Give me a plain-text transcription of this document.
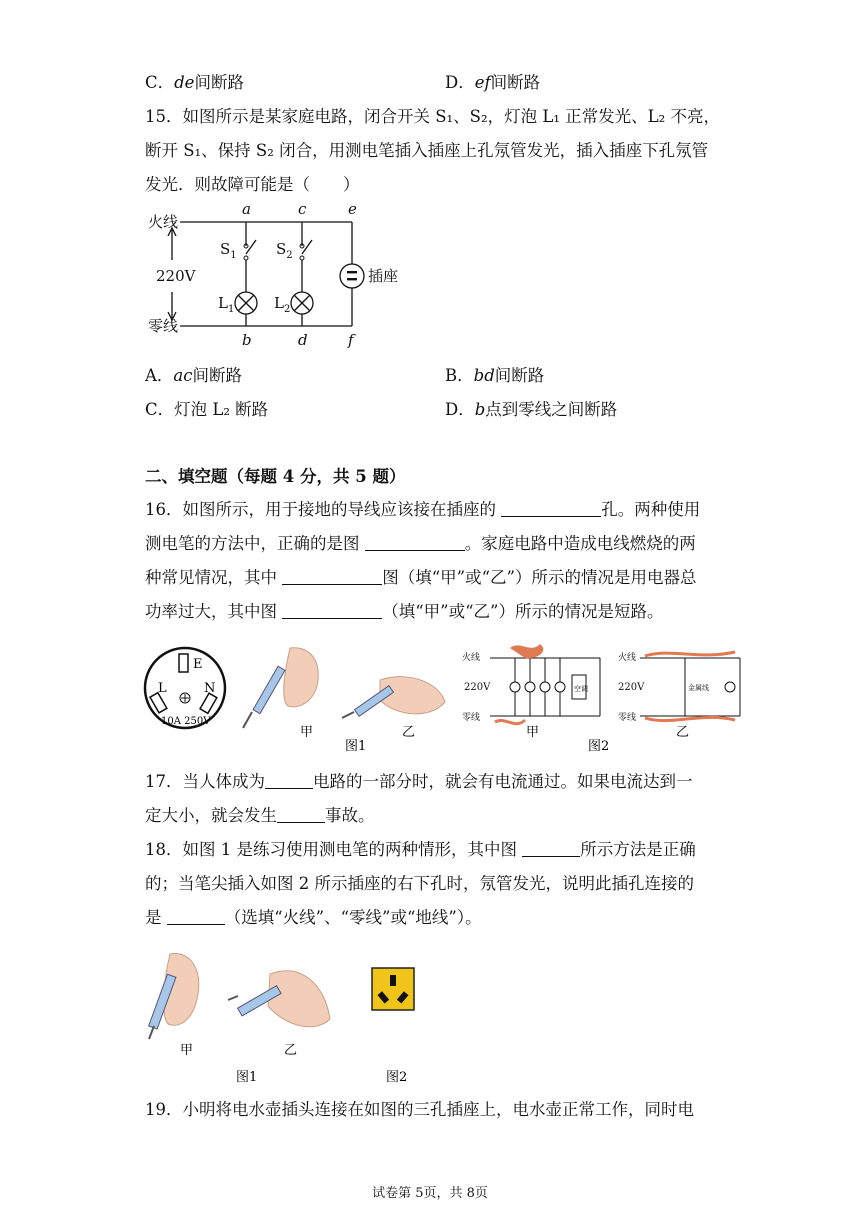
C．de间断路	D．ef间断路
15．如图所示是某家庭电路，闭合开关 S₁、S₂，灯泡 L₁ 正常发光、L₂ 不亮，
断开 S₁、保持 S₂ 闭合，用测电笔插入插座上孔氖管发光，插入插座下孔氖管
发光．则故障可能是（　　）
火线
零线
220V	插座
a	c	e
b	d	f
$S_1$	$S_2$
$L_1$	$L_2$
A．ac间断路	B．bd间断路
C．灯泡 L₂ 断路	D．b点到零线之间断路
二、填空题（每题 4 分，共 5 题）
16．如图所示，用于接地的导线应该接在插座的	孔。两种使用
测电笔的方法中，正确的是图	。家庭电路中造成电线燃烧的两
种常见情况，其中	图（填“甲”或“乙”）所示的情况是用电器总
功率过大，其中图	（填“甲”或“乙”）所示的情况是短路。
E
L	N
10A 250V
甲	乙
图1
火线
零线
220V	空调
甲
图2
火线
零线
220V	金属线
乙
17．当人体成为	电路的一部分时，就会有电流通过。如果电流达到一
定大小，就会发生	事故。
18．如图 1 是练习使用测电笔的两种情形，其中图	所示方法是正确
的；当笔尖插入如图 2 所示插座的右下孔时，氖管发光，说明此插孔连接的
是	（选填“火线”、“零线”或“地线”）。
甲	乙
图1	图2
19．小明将电水壶插头连接在如图的三孔插座上，电水壶正常工作，同时电
试卷第 5页，共 8页
